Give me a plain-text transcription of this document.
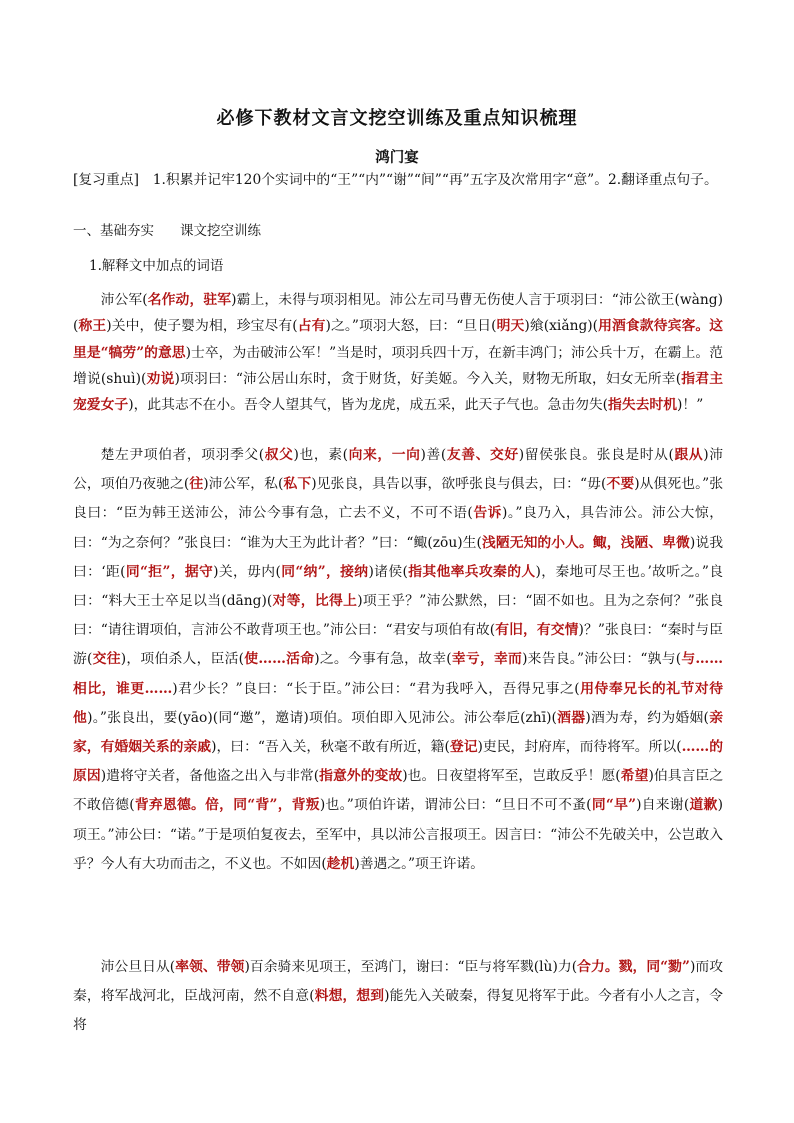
必修下教材文言文挖空训练及重点知识梳理
鸿门宴
[复习重点]　1.积累并记牢120个实词中的“王”“内”“谢”“间”“再”五字及次常用字“意”。2.翻译重点句子。
一、基础夯实 课文挖空训练
1.解释文中加点的词语
沛公军(名作动，驻军)霸上，未得与项羽相见。沛公左司马曹无伤使人言于项羽曰：“沛公欲王(wàng)(称王)关中，使子婴为相，珍宝尽有(占有)之。”项羽大怒，曰：“旦日(明天)飨(xiǎng)(用酒食款待宾客。这里是“犒劳”的意思)士卒，为击破沛公军！”当是时，项羽兵四十万，在新丰鸿门；沛公兵十万，在霸上。范增说(shuì)(劝说)项羽曰：“沛公居山东时，贪于财货，好美姬。今入关，财物无所取，妇女无所幸(指君主宠爱女子)，此其志不在小。吾令人望其气，皆为龙虎，成五采，此天子气也。急击勿失(指失去时机)！”
楚左尹项伯者，项羽季父(叔父)也，素(向来，一向)善(友善、交好)留侯张良。张良是时从(跟从)沛公，项伯乃夜驰之(往)沛公军，私(私下)见张良，具告以事，欲呼张良与俱去，曰：“毋(不要)从俱死也。”张良曰：“臣为韩王送沛公，沛公今事有急，亡去不义，不可不语(告诉)。”良乃入，具告沛公。沛公大惊，曰：“为之奈何？”张良曰：“谁为大王为此计者？”曰：“鲰(zōu)生(浅陋无知的小人。鲰，浅陋、卑微)说我曰：‘距(同“拒”，据守)关，毋内(同“纳”，接纳)诸侯(指其他率兵攻秦的人)，秦地可尽王也。’故听之。”良曰：“料大王士卒足以当(dāng)(对等，比得上)项王乎？”沛公默然，曰：“固不如也。且为之奈何？”张良曰：“请往谓项伯，言沛公不敢背项王也。”沛公曰：“君安与项伯有故(有旧，有交情)？”张良曰：“秦时与臣游(交往)，项伯杀人，臣活(使……活命)之。今事有急，故幸(幸亏，幸而)来告良。”沛公曰：“孰与(与……相比，谁更……)君少长？”良曰：“长于臣。”沛公曰：“君为我呼入，吾得兄事之(用侍奉兄长的礼节对待他)。”张良出，要(yāo)(同“邀”，邀请)项伯。项伯即入见沛公。沛公奉卮(zhī)(酒器)酒为寿，约为婚姻(亲家，有婚姻关系的亲戚)，曰：“吾入关，秋毫不敢有所近，籍(登记)吏民，封府库，而待将军。所以(……的原因)遣将守关者，备他盗之出入与非常(指意外的变故)也。日夜望将军至，岂敢反乎！愿(希望)伯具言臣之不敢倍德(背弃恩德。倍，同“背”，背叛)也。”项伯许诺，谓沛公曰：“旦日不可不蚤(同“早”)自来谢(道歉)项王。”沛公曰：“诺。”于是项伯复夜去，至军中，具以沛公言报项王。因言曰：“沛公不先破关中，公岂敢入乎？今人有大功而击之，不义也。不如因(趁机)善遇之。”项王许诺。
沛公旦日从(率领、带领)百余骑来见项王，至鸿门，谢曰：“臣与将军戮(lù)力(合力。戮，同“勠”)而攻秦，将军战河北，臣战河南，然不自意(料想，想到)能先入关破秦，得复见将军于此。今者有小人之言，令将
